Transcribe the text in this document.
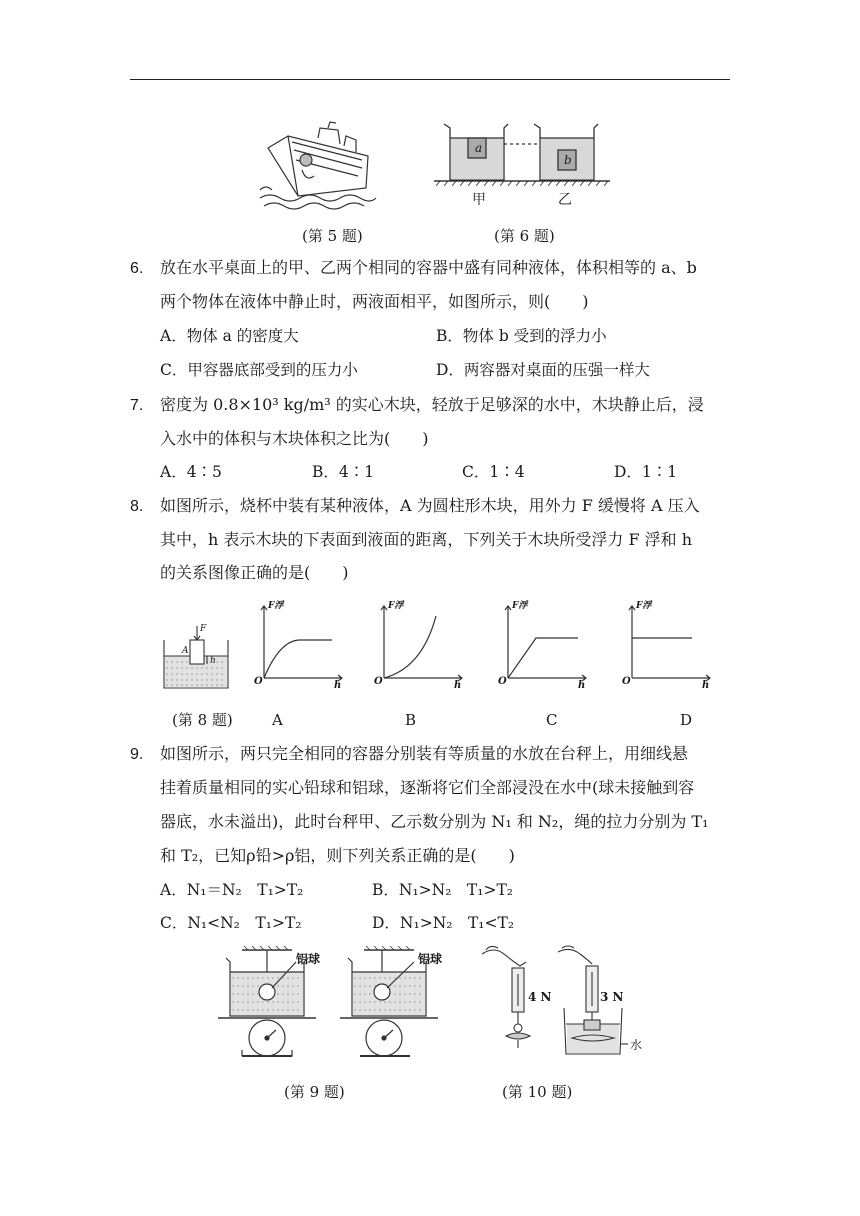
a
b
甲	乙
(第 5 题)	(第 6 题)
6. 放在水平桌面上的甲、乙两个相同的容器中盛有同种液体，体积相等的 a、b
两个物体在液体中静止时，两液面相平，如图所示，则(　　)
A．物体 a 的密度大	B．物体 b 受到的浮力小
C．甲容器底部受到的压力小	D．两容器对桌面的压强一样大
7. 密度为 0.8×10³ kg/m³ 的实心木块，轻放于足够深的水中，木块静止后，浸
入水中的体积与木块体积之比为(　　)
A．4∶5	B．4∶1	C．1∶4	D．1∶1
8. 如图所示，烧杯中装有某种液体，A 为圆柱形木块，用外力 F 缓慢将 A 压入
其中，h 表示木块的下表面到液面的距离，下列关于木块所受浮力 F 浮和 h
的关系图像正确的是(　　)
F
A
h
F浮	F浮	F浮	F浮
O	O	O	O
h	h	h	h
(第 8 题)	A	B	C	D
9. 如图所示，两只完全相同的容器分别装有等质量的水放在台秤上，用细线悬
挂着质量相同的实心铅球和铝球，逐渐将它们全部浸没在水中(球未接触到容
器底，水未溢出)，此时台秤甲、乙示数分别为 N₁ 和 N₂，绳的拉力分别为 T₁
和 T₂，已知ρ铅>ρ铝，则下列关系正确的是(　　)
A．N₁＝N₂　T₁>T₂	B．N₁>N₂　T₁>T₂
C．N₁<N₂　T₁>T₂	D．N₁>N₂　T₁<T₂
铝球	铝球
4 N	3 N
水
(第 9 题)	(第 10 题)
